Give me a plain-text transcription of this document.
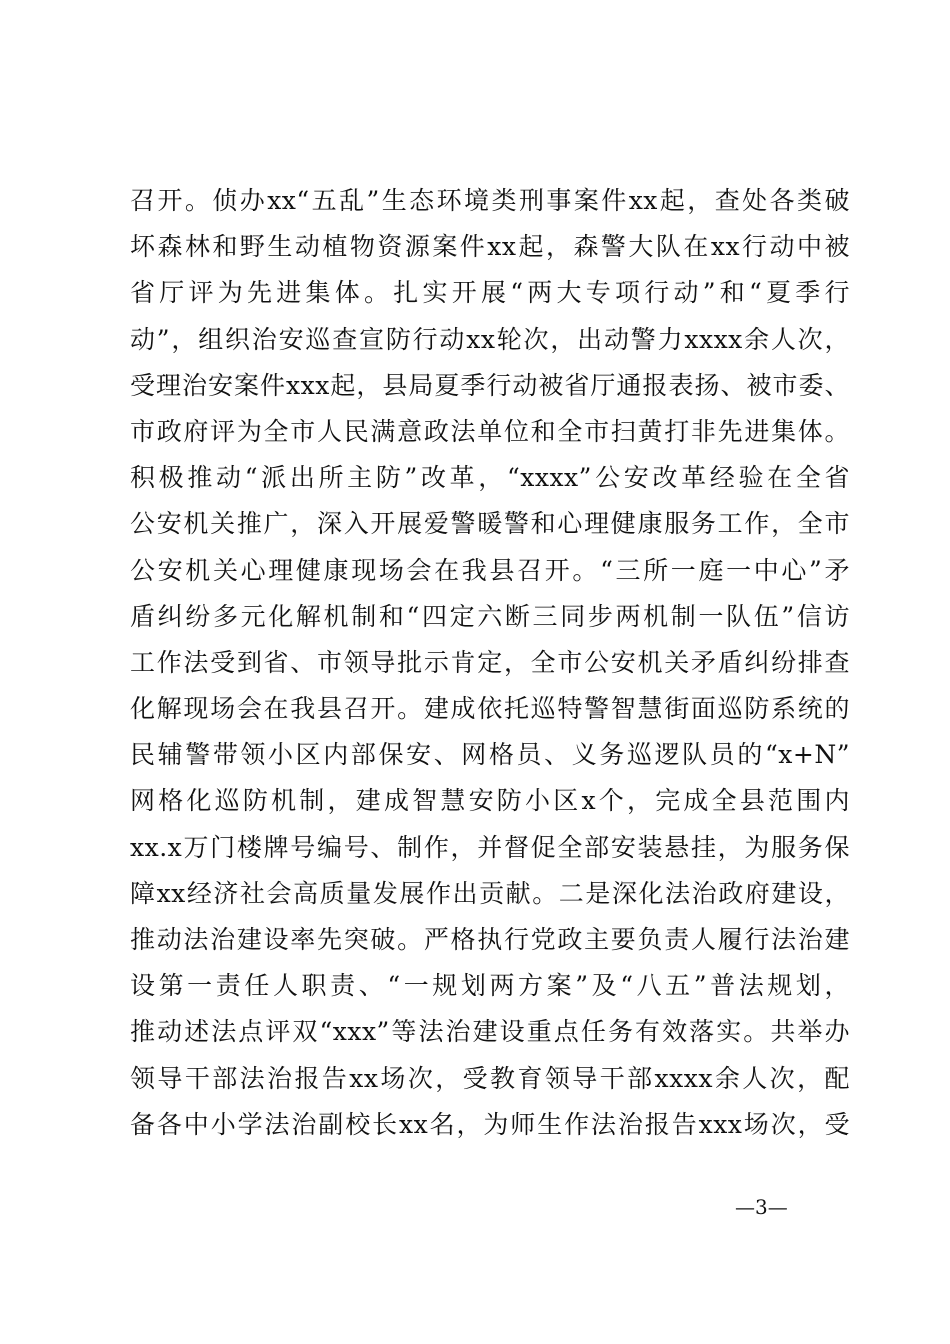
召开。侦办xx“五乱”生态环境类刑事案件xx起，查处各类破
坏森林和野生动植物资源案件xx起，森警大队在xx行动中被
省厅评为先进集体。扎实开展“两大专项行动”和“夏季行
动”，组织治安巡查宣防行动xx轮次，出动警力xxxx余人次，
受理治安案件xxx起，县局夏季行动被省厅通报表扬、被市委、
市政府评为全市人民满意政法单位和全市扫黄打非先进集体。
积极推动“派出所主防”改革，“xxxx”公安改革经验在全省
公安机关推广，深入开展爱警暖警和心理健康服务工作，全市
公安机关心理健康现场会在我县召开。“三所一庭一中心”矛
盾纠纷多元化解机制和“四定六断三同步两机制一队伍”信访
工作法受到省、市领导批示肯定，全市公安机关矛盾纠纷排查
化解现场会在我县召开。建成依托巡特警智慧街面巡防系统的
民辅警带领小区内部保安、网格员、义务巡逻队员的“x+N”
网格化巡防机制，建成智慧安防小区x个，完成全县范围内
xx.x万门楼牌号编号、制作，并督促全部安装悬挂，为服务保
障xx经济社会高质量发展作出贡献。二是深化法治政府建设，
推动法治建设率先突破。严格执行党政主要负责人履行法治建
设第一责任人职责、“一规划两方案”及“八五”普法规划，
推动述法点评双“xxx”等法治建设重点任务有效落实。共举办
领导干部法治报告xx场次，受教育领导干部xxxx余人次，配
备各中小学法治副校长xx名，为师生作法治报告xxx场次，受
—3—
